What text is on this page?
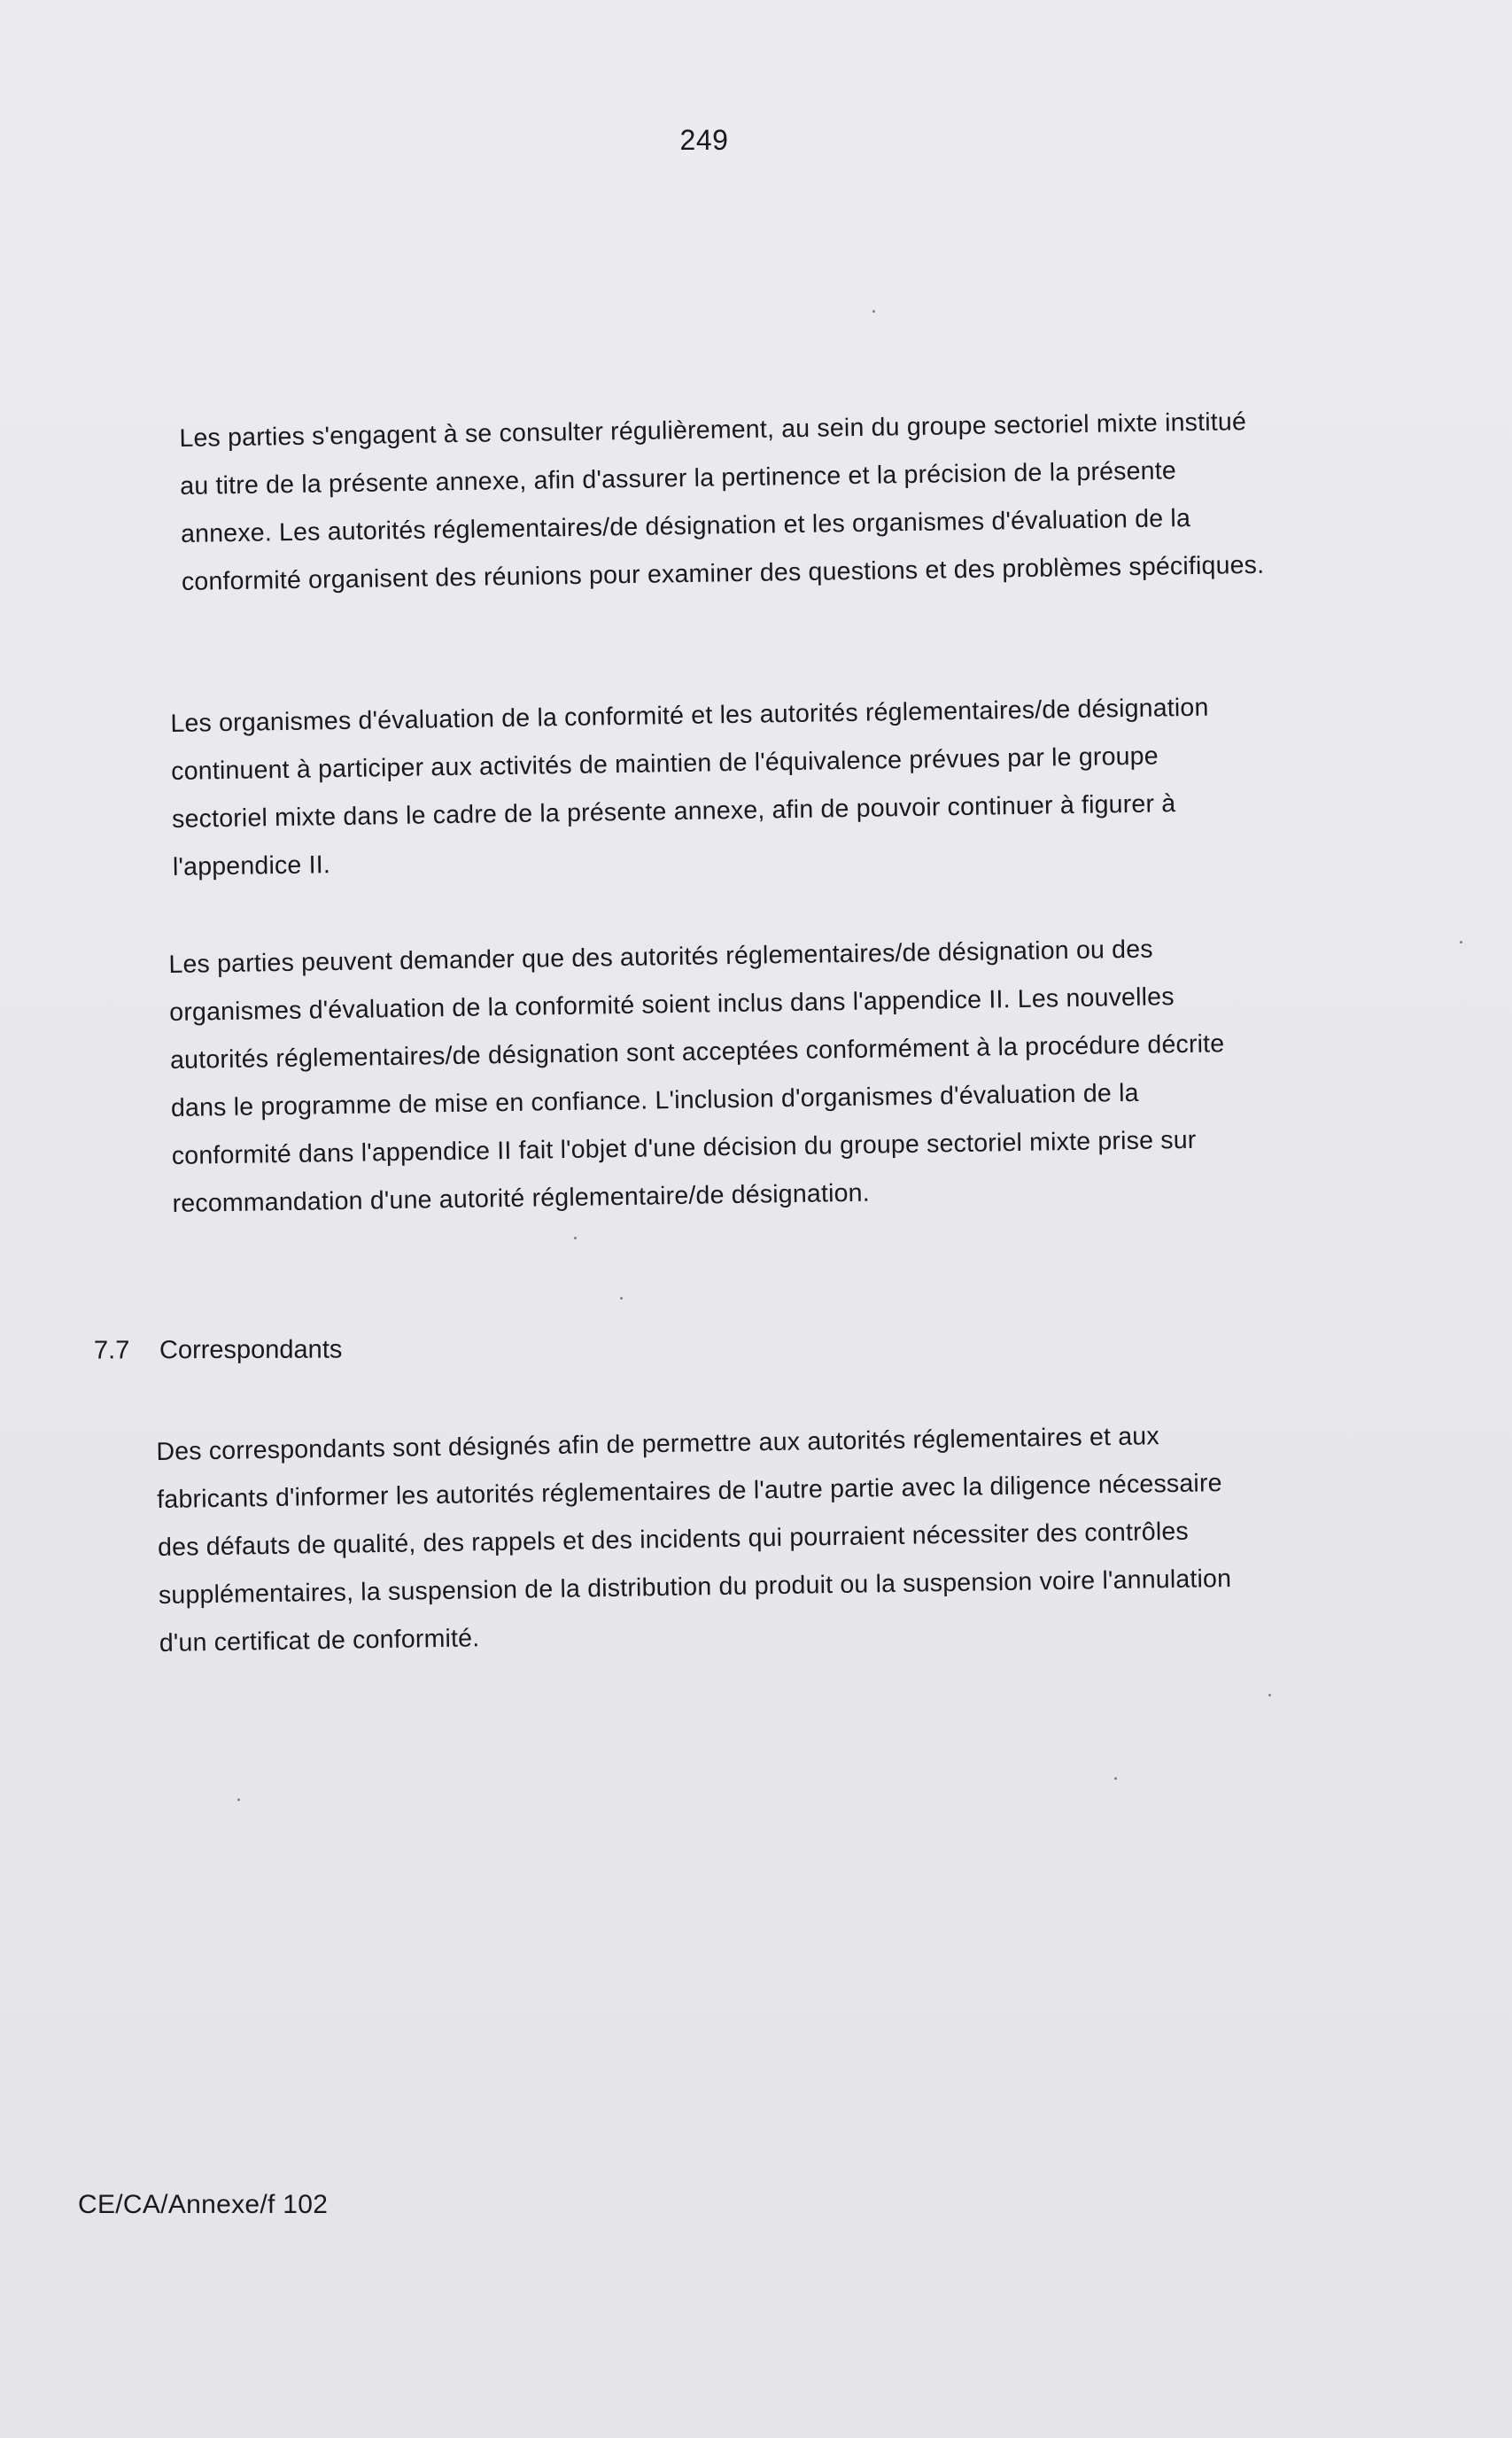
249

Les parties s'engagent à se consulter régulièrement, au sein du groupe sectoriel mixte institué au titre de la présente annexe, afin d'assurer la pertinence et la précision de la présente annexe. Les autorités réglementaires/de désignation et les organismes d'évaluation de la conformité organisent des réunions pour examiner des questions et des problèmes spécifiques.

Les organismes d'évaluation de la conformité et les autorités réglementaires/de désignation continuent à participer aux activités de maintien de l'équivalence prévues par le groupe sectoriel mixte dans le cadre de la présente annexe, afin de pouvoir continuer à figurer à l'appendice II.

Les parties peuvent demander que des autorités réglementaires/de désignation ou des organismes d'évaluation de la conformité soient inclus dans l'appendice II. Les nouvelles autorités réglementaires/de désignation sont acceptées conformément à la procédure décrite dans le programme de mise en confiance. L'inclusion d'organismes d'évaluation de la conformité dans l'appendice II fait l'objet d'une décision du groupe sectoriel mixte prise sur recommandation d'une autorité réglementaire/de désignation.

7.7 Correspondants

Des correspondants sont désignés afin de permettre aux autorités réglementaires et aux fabricants d'informer les autorités réglementaires de l'autre partie avec la diligence nécessaire des défauts de qualité, des rappels et des incidents qui pourraient nécessiter des contrôles supplémentaires, la suspension de la distribution du produit ou la suspension voire l'annulation d'un certificat de conformité.

CE/CA/Annexe/f 102
